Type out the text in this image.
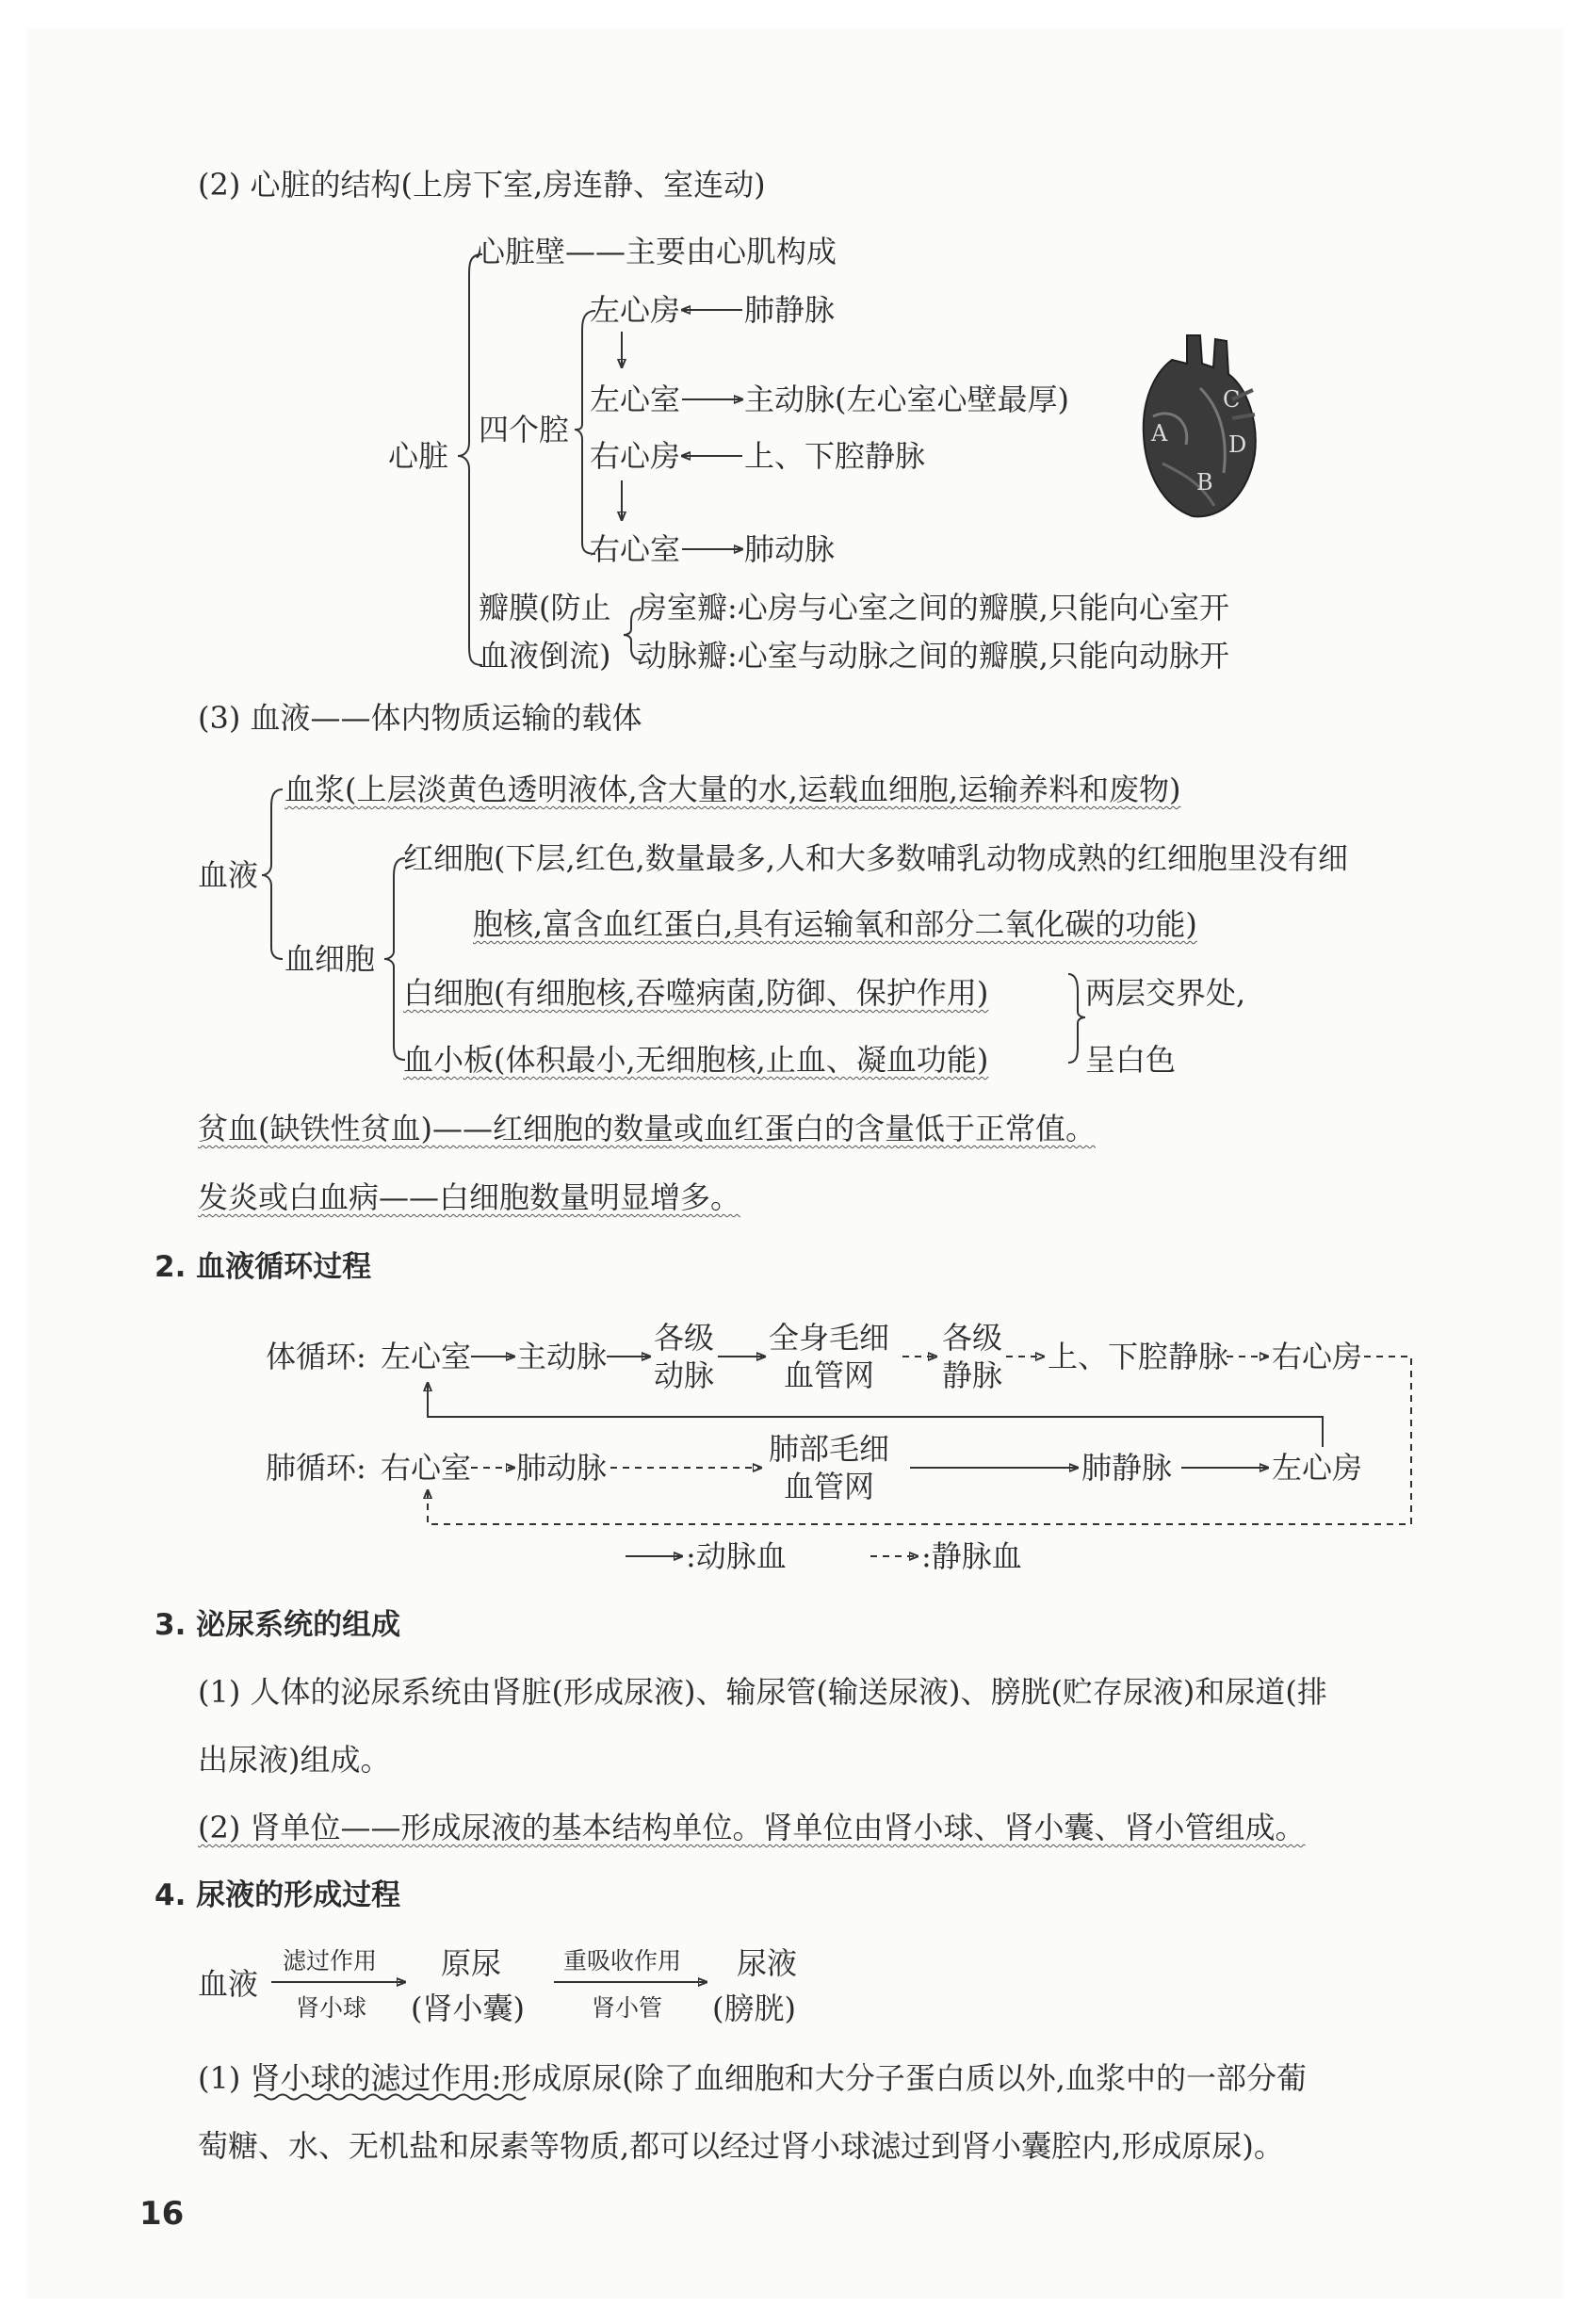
(2) 心脏的结构(上房下室,房连静、室连动)
心脏壁——主要由心肌构成
心脏
四个腔
左心房 肺静脉
左心室 主动脉(左心室心壁最厚)
右心房 上、下腔静脉
右心室 肺动脉
瓣膜(防止
血液倒流)
房室瓣:心房与心室之间的瓣膜,只能向心室开
动脉瓣:心室与动脉之间的瓣膜,只能向动脉开
A
B
C
D
(3) 血液——体内物质运输的载体
血液
血浆(上层淡黄色透明液体,含大量的水,运载血细胞,运输养料和废物)
血细胞
红细胞(下层,红色,数量最多,人和大多数哺乳动物成熟的红细胞里没有细
胞核,富含血红蛋白,具有运输氧和部分二氧化碳的功能)
白细胞(有细胞核,吞噬病菌,防御、保护作用)
血小板(体积最小,无细胞核,止血、凝血功能)
两层交界处,
呈白色
贫血(缺铁性贫血)——红细胞的数量或血红蛋白的含量低于正常值。
发炎或白血病——白细胞数量明显增多。
2. 血液循环过程
体循环: 左心室 主动脉
各级
动脉
全身毛细
血管网
各级
静脉
上、下腔静脉 右心房
肺循环: 右心室 肺动脉
肺部毛细
血管网
肺静脉	左心房
:动脉血	:静脉血
3. 泌尿系统的组成
(1) 人体的泌尿系统由肾脏(形成尿液)、输尿管(输送尿液)、膀胱(贮存尿液)和尿道(排
出尿液)组成。
(2) 肾单位——形成尿液的基本结构单位。肾单位由肾小球、肾小囊、肾小管组成。
4. 尿液的形成过程
血液
滤过作用
肾小球
原尿
(肾小囊)
重吸收作用
肾小管
尿液
(膀胱)
(1) 肾小球的滤过作用:形成原尿(除了血细胞和大分子蛋白质以外,血浆中的一部分葡
萄糖、水、无机盐和尿素等物质,都可以经过肾小球滤过到肾小囊腔内,形成原尿)。
16
